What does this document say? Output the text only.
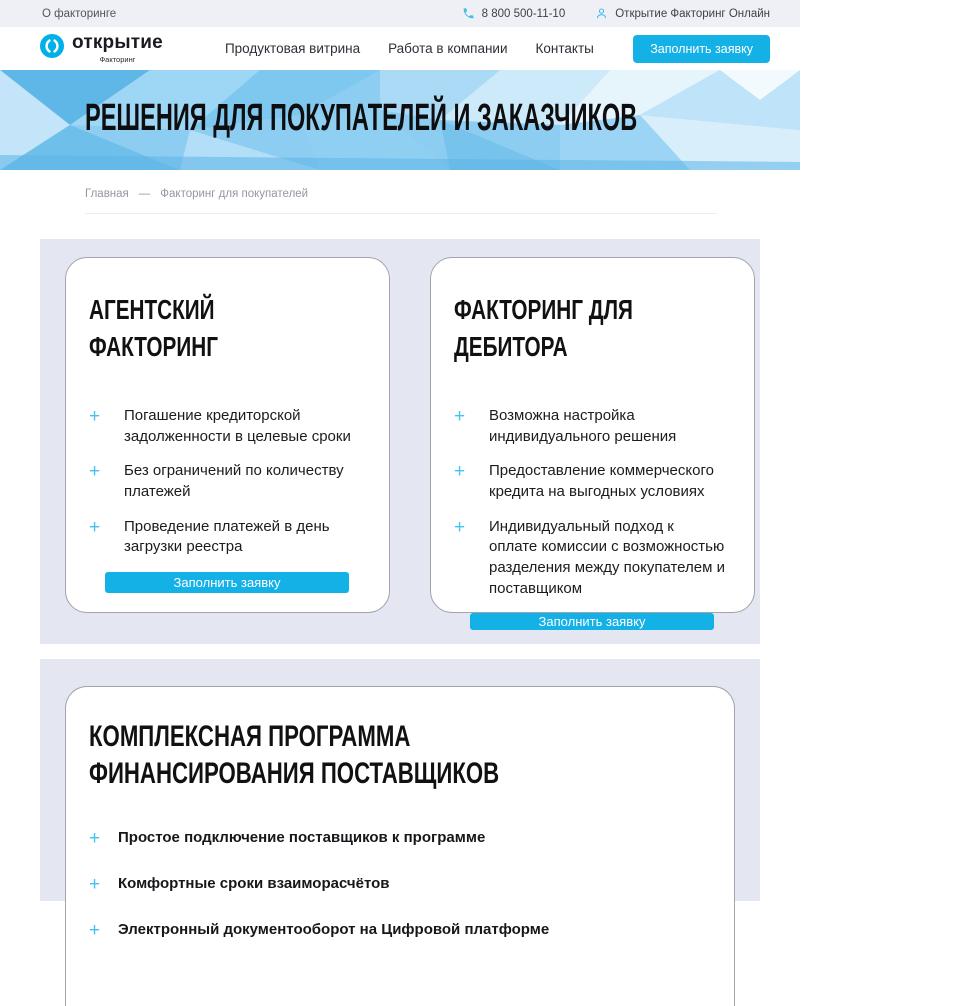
О факторинге	8 800 500-11-10	Открытие Факторинг Онлайн
открытие
Факторинг
Продуктовая витрина Работа в компании Контакты	Заполнить заявку
РЕШЕНИЯ ДЛЯ ПОКУПАТЕЛЕЙ И ЗАКАЗЧИКОВ
Главная — Факторинг для покупателей
АГЕНТСКИЙ ФАКТОРИНГ
+	Погашение кредиторской задолженности в целевые сроки
+	Без ограничений по количеству платежей
+	Проведение платежей в день загрузки реестра
Заполнить заявку
ФАКТОРИНГ ДЛЯ ДЕБИТОРА
+	Возможна настройка индивидуального решения
+	Предоставление коммерческого кредита на выгодных условиях
+	Индивидуальный подход к оплате комиссии с возможностью разделения между покупателем и поставщиком
Заполнить заявку
КОМПЛЕКСНАЯ ПРОГРАММА ФИНАНСИРОВАНИЯ ПОСТАВЩИКОВ
+	Простое подключение поставщиков к программе
+	Комфортные сроки взаиморасчётов
+	Электронный документооборот на Цифровой платформе
